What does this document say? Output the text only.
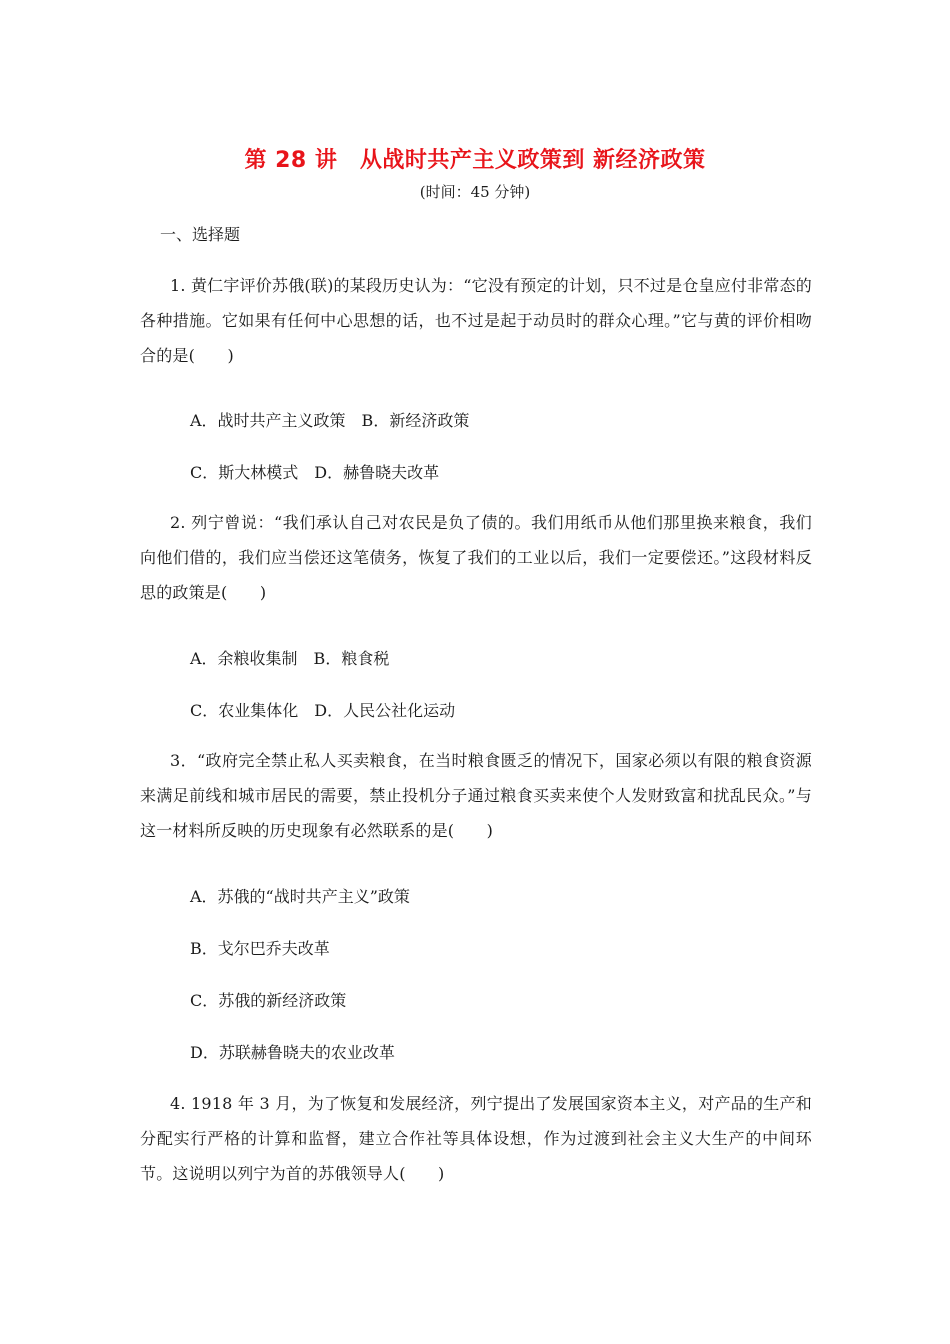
第 28 讲　从战时共产主义政策到 新经济政策
(时间：45 分钟)
一、选择题
1. 黄仁宇评价苏俄(联)的某段历史认为：“它没有预定的计划，只不过是仓皇应付非常态的各种措施。它如果有任何中心思想的话，也不过是起于动员时的群众心理。”它与黄的评价相吻合的是(　　)
A．战时共产主义政策　B．新经济政策
C．斯大林模式　D．赫鲁晓夫改革
2. 列宁曾说：“我们承认自己对农民是负了债的。我们用纸币从他们那里换来粮食，我们向他们借的，我们应当偿还这笔债务，恢复了我们的工业以后，我们一定要偿还。”这段材料反思的政策是(　　)
A．余粮收集制　B．粮食税
C．农业集体化　D．人民公社化运动
3．“政府完全禁止私人买卖粮食，在当时粮食匮乏的情况下，国家必须以有限的粮食资源来满足前线和城市居民的需要，禁止投机分子通过粮食买卖来使个人发财致富和扰乱民众。”与这一材料所反映的历史现象有必然联系的是(　　)
A．苏俄的“战时共产主义”政策
B．戈尔巴乔夫改革
C．苏俄的新经济政策
D．苏联赫鲁晓夫的农业改革
4. 1918 年 3 月，为了恢复和发展经济，列宁提出了发展国家资本主义，对产品的生产和分配实行严格的计算和监督，建立合作社等具体设想，作为过渡到社会主义大生产的中间环节。这说明以列宁为首的苏俄领导人(　　)
